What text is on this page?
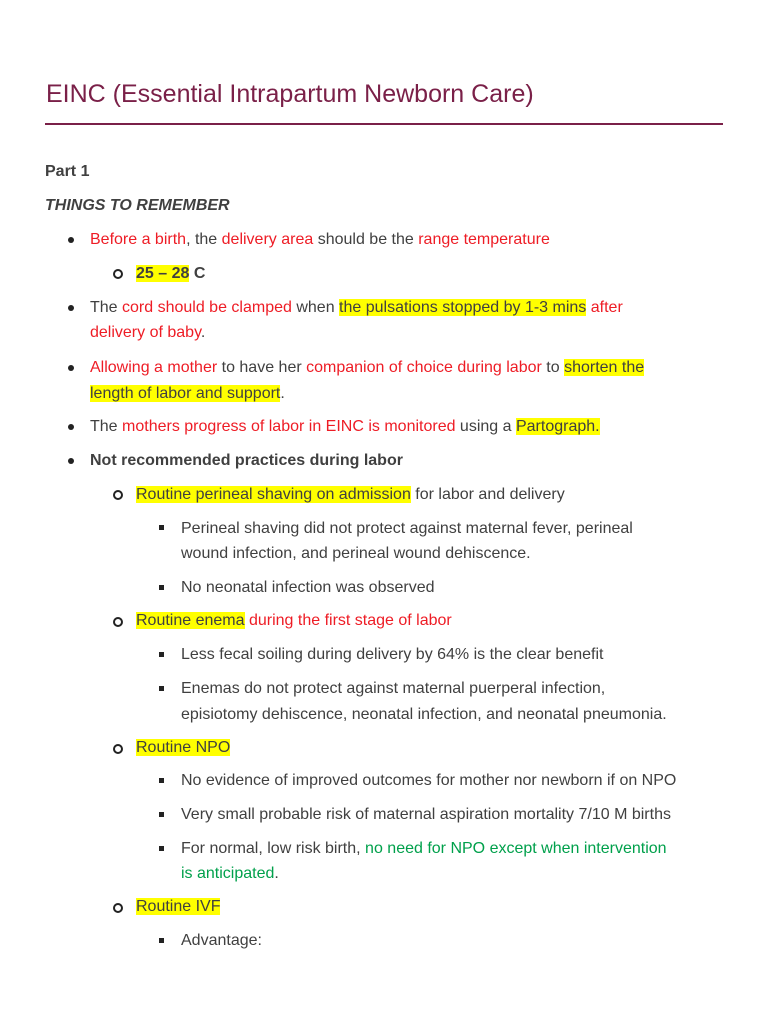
EINC (Essential Intrapartum Newborn Care)
Part 1
THINGS TO REMEMBER
Before a birth, the delivery area should be the range temperature
25 – 28 C
The cord should be clamped when the pulsations stopped by 1-3 mins after
delivery of baby.
Allowing a mother to have her companion of choice during labor to shorten the
length of labor and support.
The mothers progress of labor in EINC is monitored using a Partograph.
Not recommended practices during labor
Routine perineal shaving on admission for labor and delivery
Perineal shaving did not protect against maternal fever, perineal
wound infection, and perineal wound dehiscence.
No neonatal infection was observed
Routine enema during the first stage of labor
Less fecal soiling during delivery by 64% is the clear benefit
Enemas do not protect against maternal puerperal infection,
episiotomy dehiscence, neonatal infection, and neonatal pneumonia.
Routine NPO
No evidence of improved outcomes for mother nor newborn if on NPO
Very small probable risk of maternal aspiration mortality 7/10 M births
For normal, low risk birth, no need for NPO except when intervention
is anticipated.
Routine IVF
Advantage:
